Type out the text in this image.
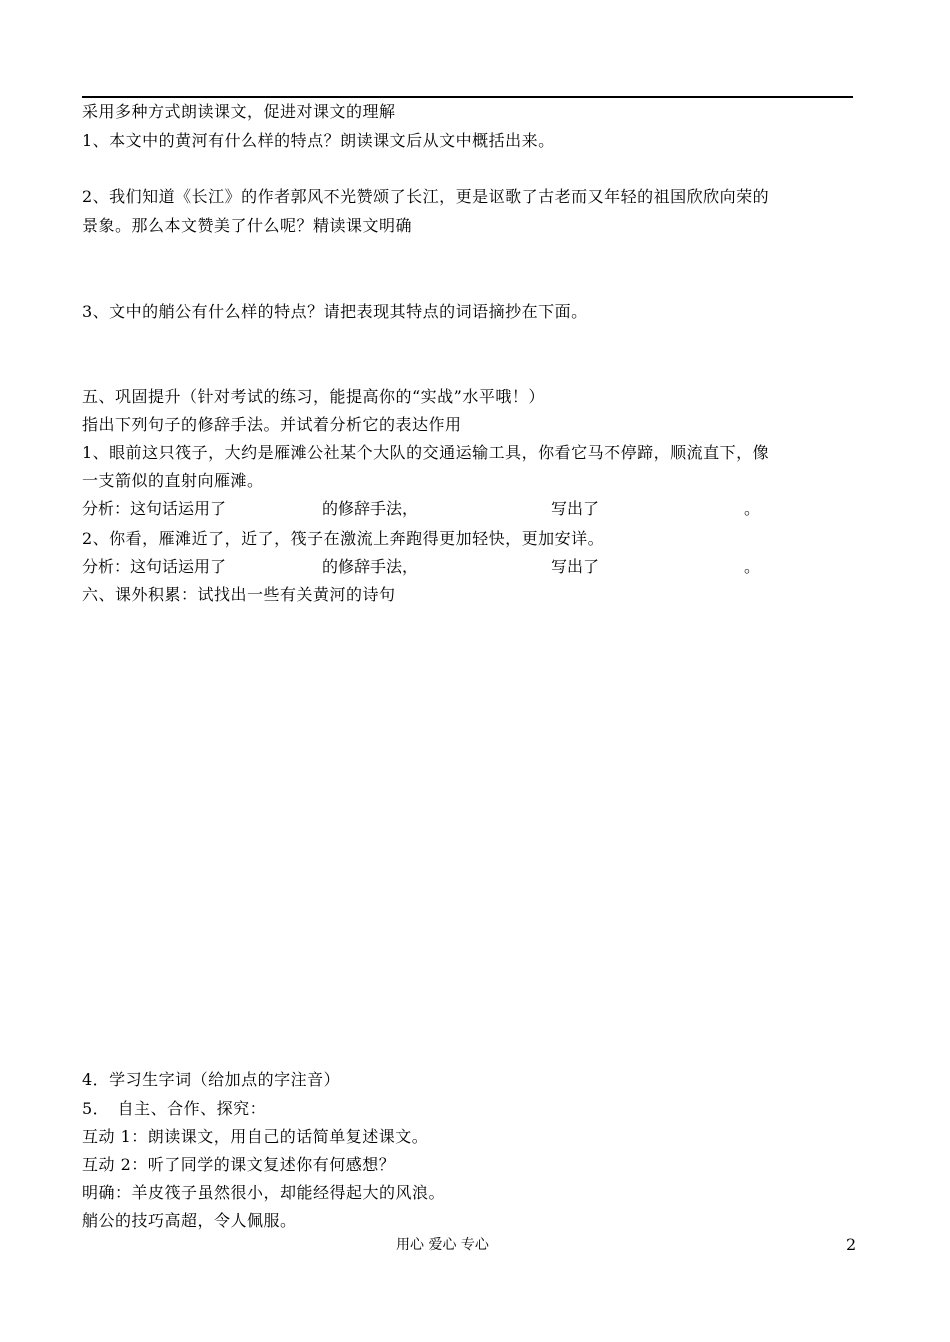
采用多种方式朗读课文，促进对课文的理解
1、本文中的黄河有什么样的特点？朗读课文后从文中概括出来。
2、我们知道《长江》的作者郭风不光赞颂了长江，更是讴歌了古老而又年轻的祖国欣欣向荣的
景象。那么本文赞美了什么呢？精读课文明确
3、文中的艄公有什么样的特点？请把表现其特点的词语摘抄在下面。
五、巩固提升（针对考试的练习，能提高你的“实战”水平哦！）
指出下列句子的修辞手法。并试着分析它的表达作用
1、眼前这只筏子，大约是雁滩公社某个大队的交通运输工具，你看它马不停蹄，顺流直下，像
一支箭似的直射向雁滩。
分析：这句话运用了	的修辞手法，	写出了	。
2、你看，雁滩近了，近了，筏子在激流上奔跑得更加轻快，更加安详。
分析：这句话运用了	的修辞手法，	写出了	。
六、课外积累：试找出一些有关黄河的诗句
4．学习生字词（给加点的字注音）
5．　自主、合作、探究：
互动 1：朗读课文，用自己的话简单复述课文。
互动 2：听了同学的课文复述你有何感想？
明确：羊皮筏子虽然很小，却能经得起大的风浪。
艄公的技巧高超，令人佩服。
用心 爱心 专心	2
